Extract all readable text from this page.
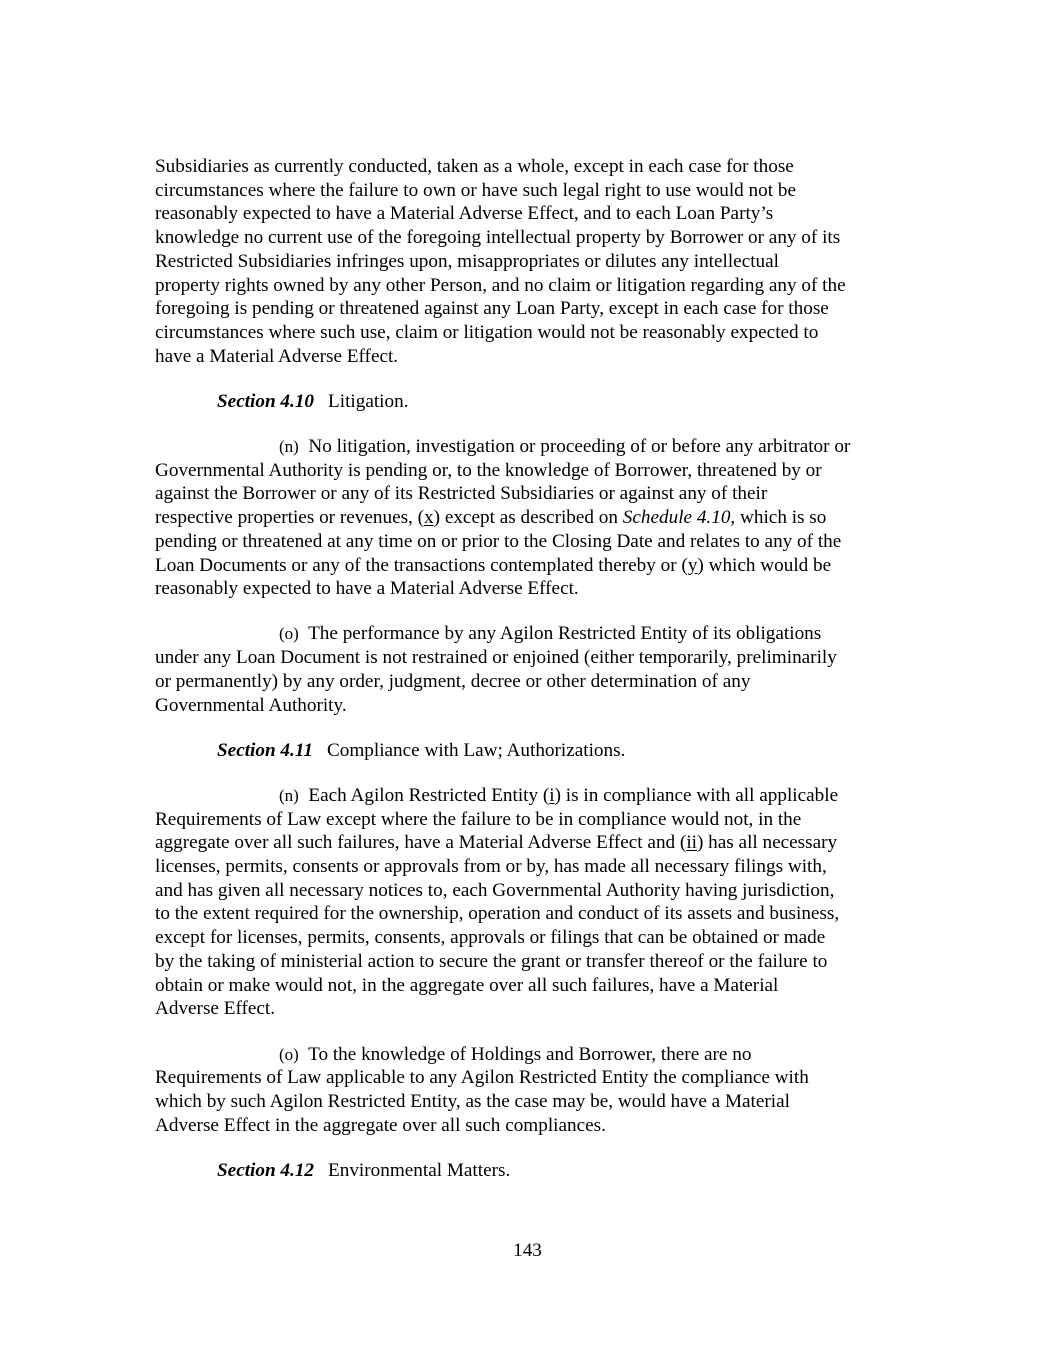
Subsidiaries as currently conducted, taken as a whole, except in each case for those
circumstances where the failure to own or have such legal right to use would not be
reasonably expected to have a Material Adverse Effect, and to each Loan Party’s
knowledge no current use of the foregoing intellectual property by Borrower or any of its
Restricted Subsidiaries infringes upon, misappropriates or dilutes any intellectual
property rights owned by any other Person, and no claim or litigation regarding any of the
foregoing is pending or threatened against any Loan Party, except in each case for those
circumstances where such use, claim or litigation would not be reasonably expected to
have a Material Adverse Effect.

Section 4.10 Litigation.

(n) No litigation, investigation or proceeding of or before any arbitrator or
Governmental Authority is pending or, to the knowledge of Borrower, threatened by or
against the Borrower or any of its Restricted Subsidiaries or against any of their
respective properties or revenues, (x) except as described on Schedule 4.10, which is so
pending or threatened at any time on or prior to the Closing Date and relates to any of the
Loan Documents or any of the transactions contemplated thereby or (y) which would be
reasonably expected to have a Material Adverse Effect.

(o) The performance by any Agilon Restricted Entity of its obligations
under any Loan Document is not restrained or enjoined (either temporarily, preliminarily
or permanently) by any order, judgment, decree or other determination of any
Governmental Authority.

Section 4.11 Compliance with Law; Authorizations.

(n) Each Agilon Restricted Entity (i) is in compliance with all applicable
Requirements of Law except where the failure to be in compliance would not, in the
aggregate over all such failures, have a Material Adverse Effect and (ii) has all necessary
licenses, permits, consents or approvals from or by, has made all necessary filings with,
and has given all necessary notices to, each Governmental Authority having jurisdiction,
to the extent required for the ownership, operation and conduct of its assets and business,
except for licenses, permits, consents, approvals or filings that can be obtained or made
by the taking of ministerial action to secure the grant or transfer thereof or the failure to
obtain or make would not, in the aggregate over all such failures, have a Material
Adverse Effect.

(o) To the knowledge of Holdings and Borrower, there are no
Requirements of Law applicable to any Agilon Restricted Entity the compliance with
which by such Agilon Restricted Entity, as the case may be, would have a Material
Adverse Effect in the aggregate over all such compliances.

Section 4.12 Environmental Matters.

143
